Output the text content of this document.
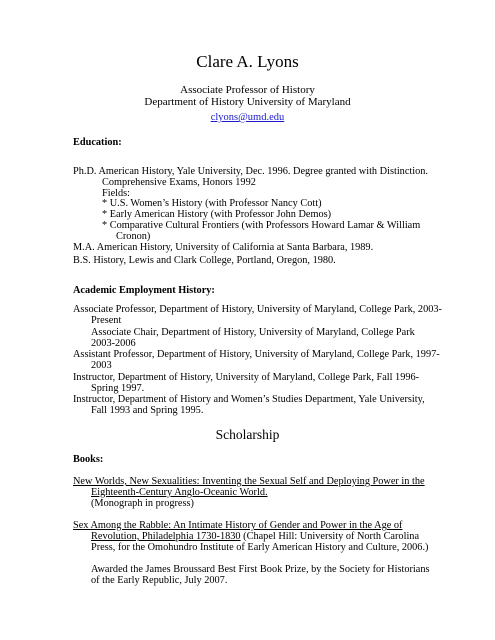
Clare A. Lyons
Associate Professor of History
Department of History University of Maryland
clyons@umd.edu
Education:
Ph.D. American History, Yale University, Dec. 1996. Degree granted with Distinction.
Comprehensive Exams, Honors 1992
Fields:
* U.S. Women’s History (with Professor Nancy Cott)
* Early American History (with Professor John Demos)
* Comparative Cultural Frontiers (with Professors Howard Lamar & William
Cronon)
M.A. American History, University of California at Santa Barbara, 1989.
B.S. History, Lewis and Clark College, Portland, Oregon, 1980.
Academic Employment History:
Associate Professor, Department of History, University of Maryland, College Park, 2003-
Present
Associate Chair, Department of History, University of Maryland, College Park
2003-2006
Assistant Professor, Department of History, University of Maryland, College Park, 1997-
2003
Instructor, Department of History, University of Maryland, College Park, Fall 1996-
Spring 1997.
Instructor, Department of History and Women’s Studies Department, Yale University,
Fall 1993 and Spring 1995.
Scholarship
Books:
New Worlds, New Sexualities: Inventing the Sexual Self and Deploying Power in the
Eighteenth-Century Anglo-Oceanic World.
(Monograph in progress)
Sex Among the Rabble: An Intimate History of Gender and Power in the Age of
Revolution, Philadelphia 1730-1830 (Chapel Hill: University of North Carolina
Press, for the Omohundro Institute of Early American History and Culture, 2006.)
Awarded the James Broussard Best First Book Prize, by the Society for Historians
of the Early Republic, July 2007.
